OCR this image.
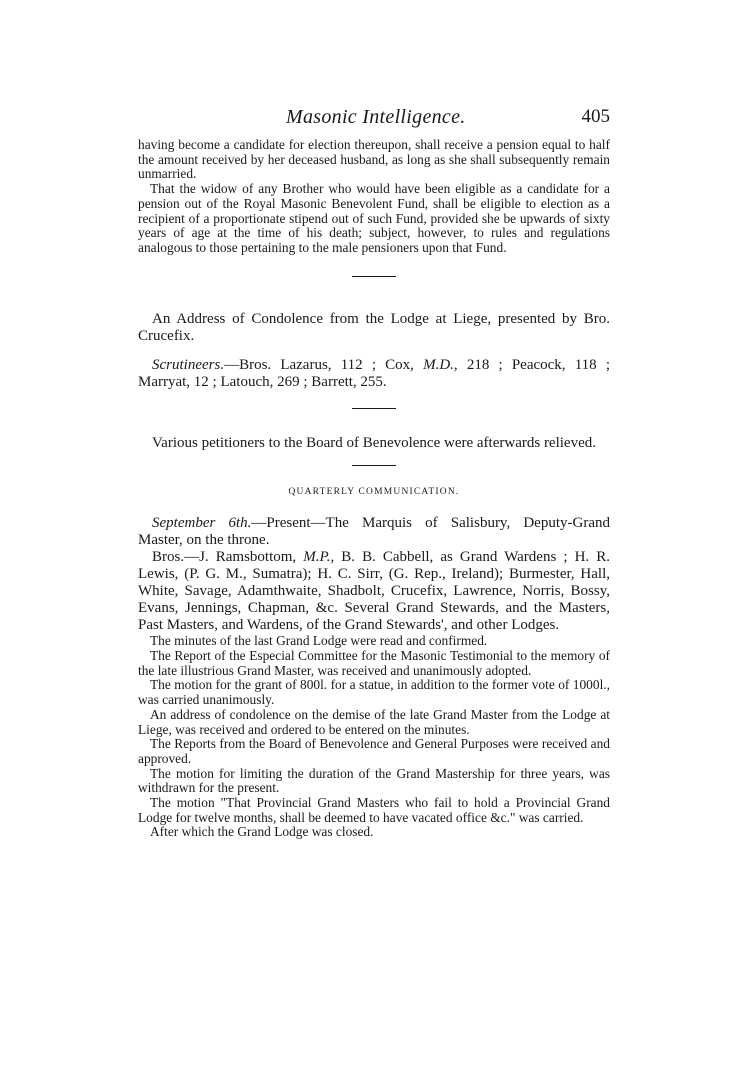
Masonic Intelligence.	405

having become a candidate for election thereupon, shall receive a pension equal to half the amount received by her deceased husband, as long as she shall subsequently remain unmarried.

That the widow of any Brother who would have been eligible as a candidate for a pension out of the Royal Masonic Benevolent Fund, shall be eligible to election as a recipient of a proportionate stipend out of such Fund, provided she be upwards of sixty years of age at the time of his death; subject, however, to rules and regulations analogous to those pertaining to the male pensioners upon that Fund.

An Address of Condolence from the Lodge at Liege, presented by Bro. Crucefix.

Scrutineers.—Bros. Lazarus, 112 ; Cox, M.D., 218 ; Peacock, 118 ; Marryat, 12 ; Latouch, 269 ; Barrett, 255.

Various petitioners to the Board of Benevolence were afterwards relieved.

QUARTERLY COMMUNICATION.

September 6th.—Present—The Marquis of Salisbury, Deputy-Grand Master, on the throne.

Bros.—J. Ramsbottom, M.P., B. B. Cabbell, as Grand Wardens ; H. R. Lewis, (P. G. M., Sumatra); H. C. Sirr, (G. Rep., Ireland); Burmester, Hall, White, Savage, Adamthwaite, Shadbolt, Crucefix, Lawrence, Norris, Bossy, Evans, Jennings, Chapman, &c. Several Grand Stewards, and the Masters, Past Masters, and Wardens, of the Grand Stewards', and other Lodges.

The minutes of the last Grand Lodge were read and confirmed.

The Report of the Especial Committee for the Masonic Testimonial to the memory of the late illustrious Grand Master, was received and unanimously adopted.

The motion for the grant of 800l. for a statue, in addition to the former vote of 1000l., was carried unanimously.

An address of condolence on the demise of the late Grand Master from the Lodge at Liege, was received and ordered to be entered on the minutes.

The Reports from the Board of Benevolence and General Purposes were received and approved.

The motion for limiting the duration of the Grand Mastership for three years, was withdrawn for the present.

The motion "That Provincial Grand Masters who fail to hold a Provincial Grand Lodge for twelve months, shall be deemed to have vacated office &c." was carried.

After which the Grand Lodge was closed.
